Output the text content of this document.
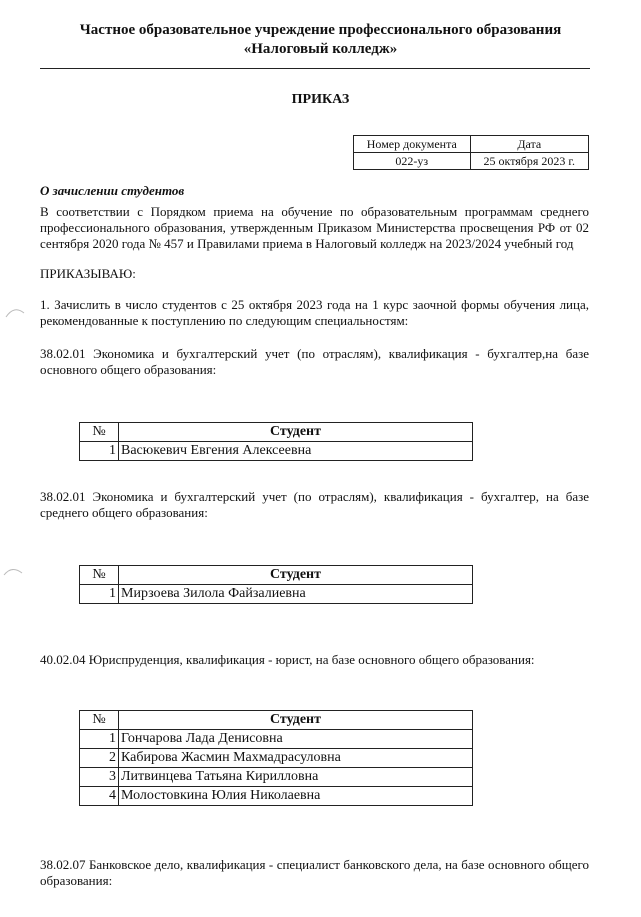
Частное образовательное учреждение профессионального образования
«Налоговый колледж»
ПРИКАЗ
Номер документа	Дата
022-уз	25 октября 2023 г.
О зачислении студентов
В соответствии с Порядком приема на обучение по образовательным программам среднего профессионального образования, утвержденным Приказом Министерства просвещения РФ от 02 сентября 2020 года № 457 и Правилами приема в Налоговый колледж на 2023/2024 учебный год
ПРИКАЗЫВАЮ:
1. Зачислить в число студентов с 25 октября 2023 года на 1 курс заочной формы обучения лица, рекомендованные к поступлению по следующим специальностям:
38.02.01 Экономика и бухгалтерский учет (по отраслям), квалификация - бухгалтер,на базе основного общего образования:
№	Студент
1	Васюкевич Евгения Алексеевна
38.02.01 Экономика и бухгалтерский учет (по отраслям), квалификация - бухгалтер, на базе среднего общего образования:
№	Студент
1	Мирзоева Зилола Файзалиевна
40.02.04 Юриспруденция, квалификация - юрист, на базе основного общего образования:
№	Студент
1	Гончарова Лада Денисовна
2	Кабирова Жасмин Махмадрасуловна
3	Литвинцева Татьяна Кирилловна
4	Молостовкина Юлия Николаевна
38.02.07 Банковское дело, квалификация - специалист банковского дела, на базе основного общего образования:
